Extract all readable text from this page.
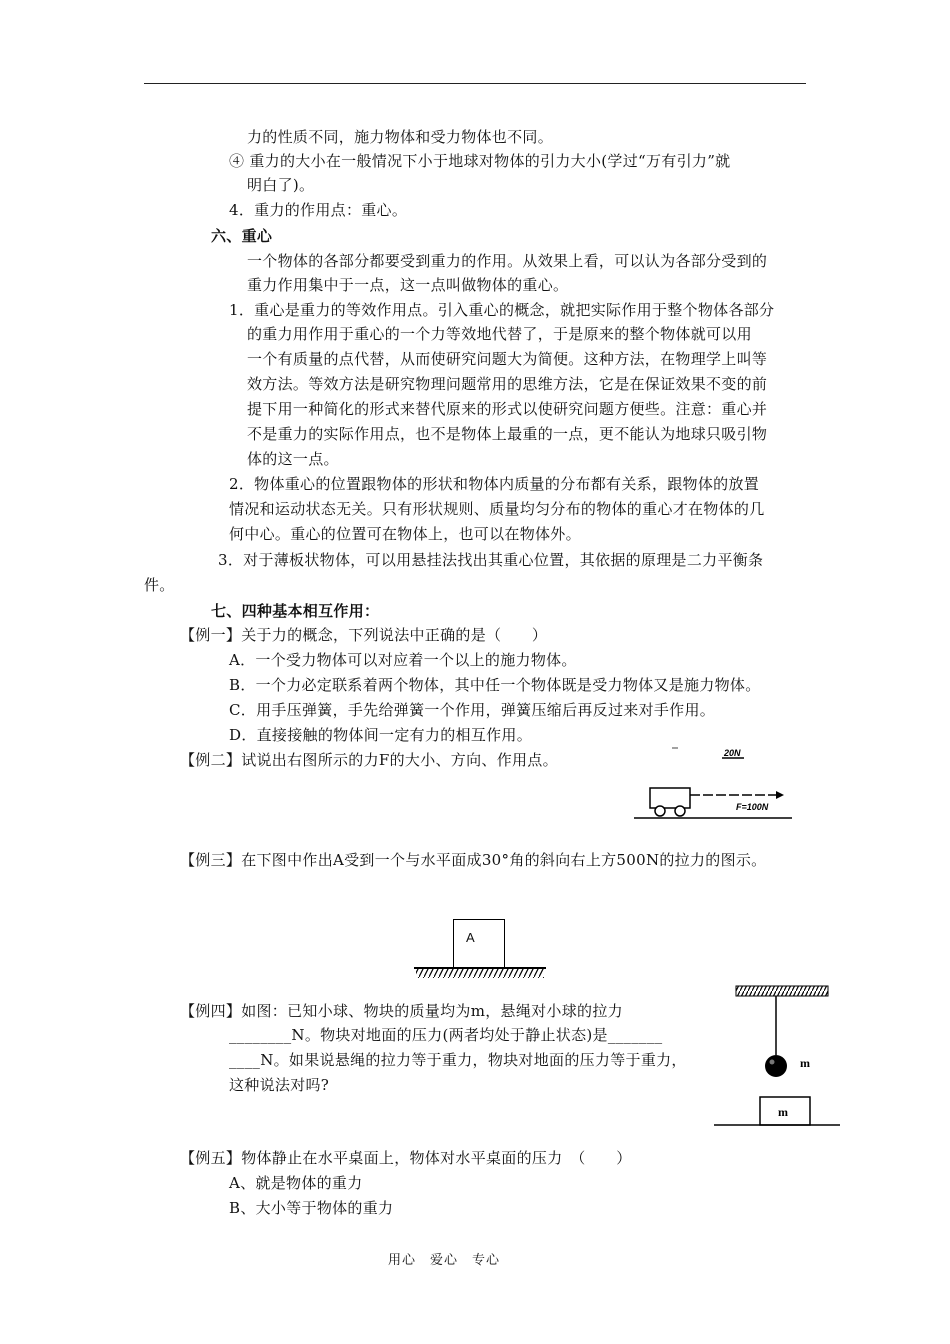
力的性质不同，施力物体和受力物体也不同。
④ 重力的大小在一般情况下小于地球对物体的引力大小(学过“万有引力”就
明白了)。
4．重力的作用点：重心。
六、重心
一个物体的各部分都要受到重力的作用。从效果上看，可以认为各部分受到的
重力作用集中于一点，这一点叫做物体的重心。
1．重心是重力的等效作用点。引入重心的概念，就把实际作用于整个物体各部分
的重力用作用于重心的一个力等效地代替了，于是原来的整个物体就可以用
一个有质量的点代替，从而使研究问题大为简便。这种方法，在物理学上叫等
效方法。等效方法是研究物理问题常用的思维方法，它是在保证效果不变的前
提下用一种简化的形式来替代原来的形式以使研究问题方便些。注意：重心并
不是重力的实际作用点，也不是物体上最重的一点，更不能认为地球只吸引物
体的这一点。
2．物体重心的位置跟物体的形状和物体内质量的分布都有关系，跟物体的放置
情况和运动状态无关。只有形状规则、质量均匀分布的物体的重心才在物体的几
何中心。重心的位置可在物体上，也可以在物体外。
3．对于薄板状物体，可以用悬挂法找出其重心位置，其依据的原理是二力平衡条
件。
七、四种基本相互作用：
【例一】关于力的概念，下列说法中正确的是（　　）
A．一个受力物体可以对应着一个以上的施力物体。
B．一个力必定联系着两个物体，其中任一个物体既是受力物体又是施力物体。
C．用手压弹簧，手先给弹簧一个作用，弹簧压缩后再反过来对手作用。
D．直接接触的物体间一定有力的相互作用。
【例二】试说出右图所示的力F的大小、方向、作用点。
【例三】在下图中作出A受到一个与水平面成30°角的斜向右上方500N的拉力的图示。
【例四】如图：已知小球、物块的质量均为m，悬绳对小球的拉力
________N。物块对地面的压力(两者均处于静止状态)是_______
____N。如果说悬绳的拉力等于重力，物块对地面的压力等于重力，
这种说法对吗?
【例五】物体静止在水平桌面上，物体对水平桌面的压力　（　　）
A、就是物体的重力
B、大小等于物体的重力
20N
F=100N
A
m
m
用心　爱心　专心
